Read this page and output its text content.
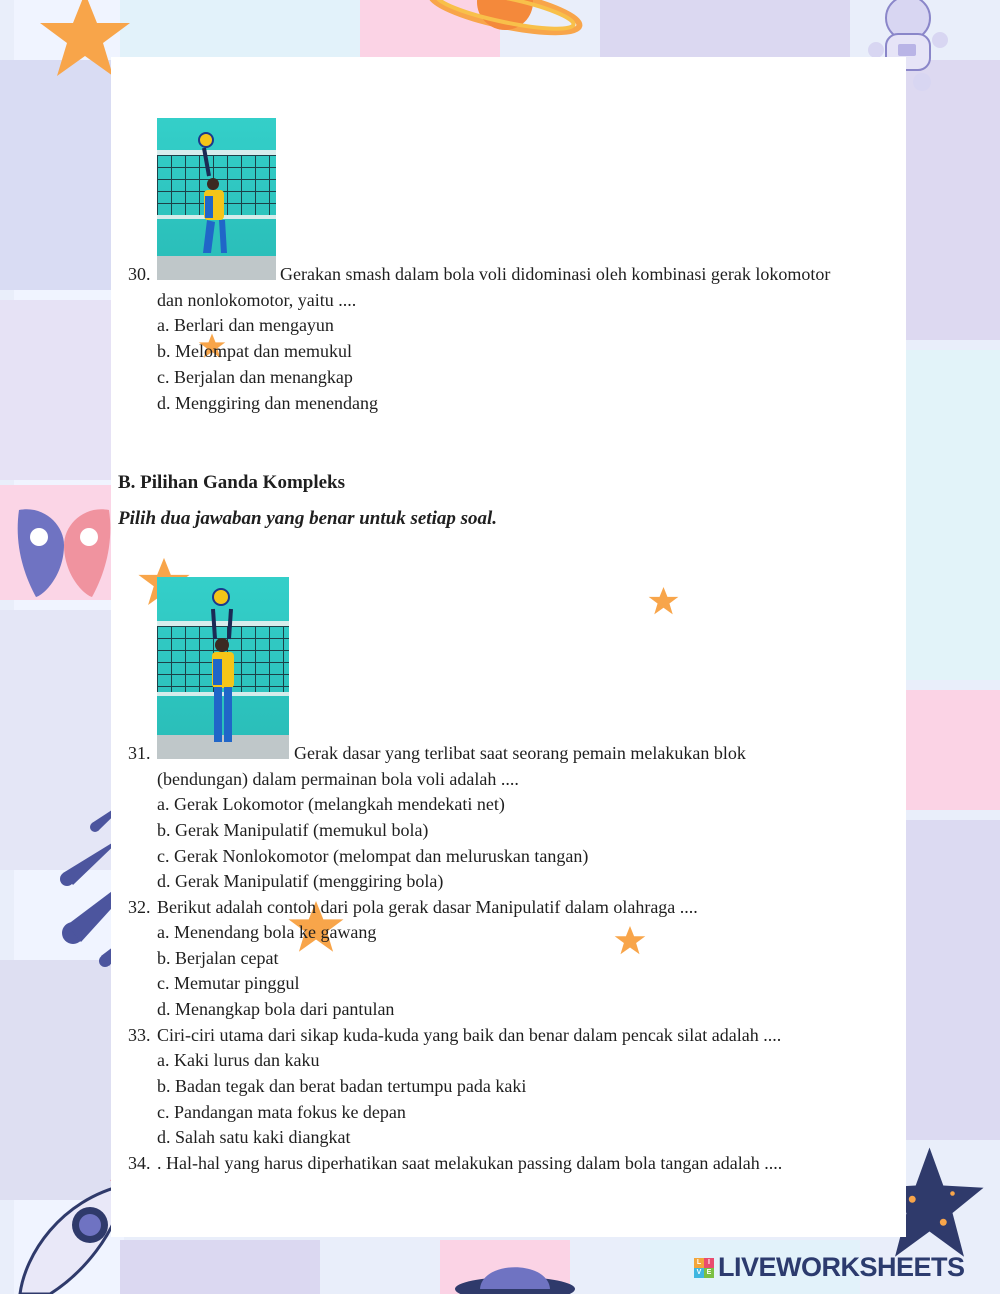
30.	Gerakan smash dalam bola voli didominasi oleh kombinasi gerak lokomotor
dan nonlokomotor, yaitu ....
a. Berlari dan mengayun
b. Melompat dan memukul
c. Berjalan dan menangkap
d. Menggiring dan menendang
B. Pilihan Ganda Kompleks
Pilih dua jawaban yang benar untuk setiap soal.
31.	Gerak dasar yang terlibat saat seorang pemain melakukan blok
(bendungan) dalam permainan bola voli adalah ....
a. Gerak Lokomotor (melangkah mendekati net)
b. Gerak Manipulatif (memukul bola)
c. Gerak Nonlokomotor (melompat dan meluruskan tangan)
d. Gerak Manipulatif (menggiring bola)
32. Berikut adalah contoh dari pola gerak dasar Manipulatif dalam olahraga ....
a. Menendang bola ke gawang
b. Berjalan cepat
c. Memutar pinggul
d. Menangkap bola dari pantulan
33. Ciri-ciri utama dari sikap kuda-kuda yang baik dan benar dalam pencak silat adalah ....
a. Kaki lurus dan kaku
b. Badan tegak dan berat badan tertumpu pada kaki
c. Pandangan mata fokus ke depan
d. Salah satu kaki diangkat
34. . Hal-hal yang harus diperhatikan saat melakukan passing dalam bola tangan adalah ....
L I
V E LIVEWORKSHEETS
